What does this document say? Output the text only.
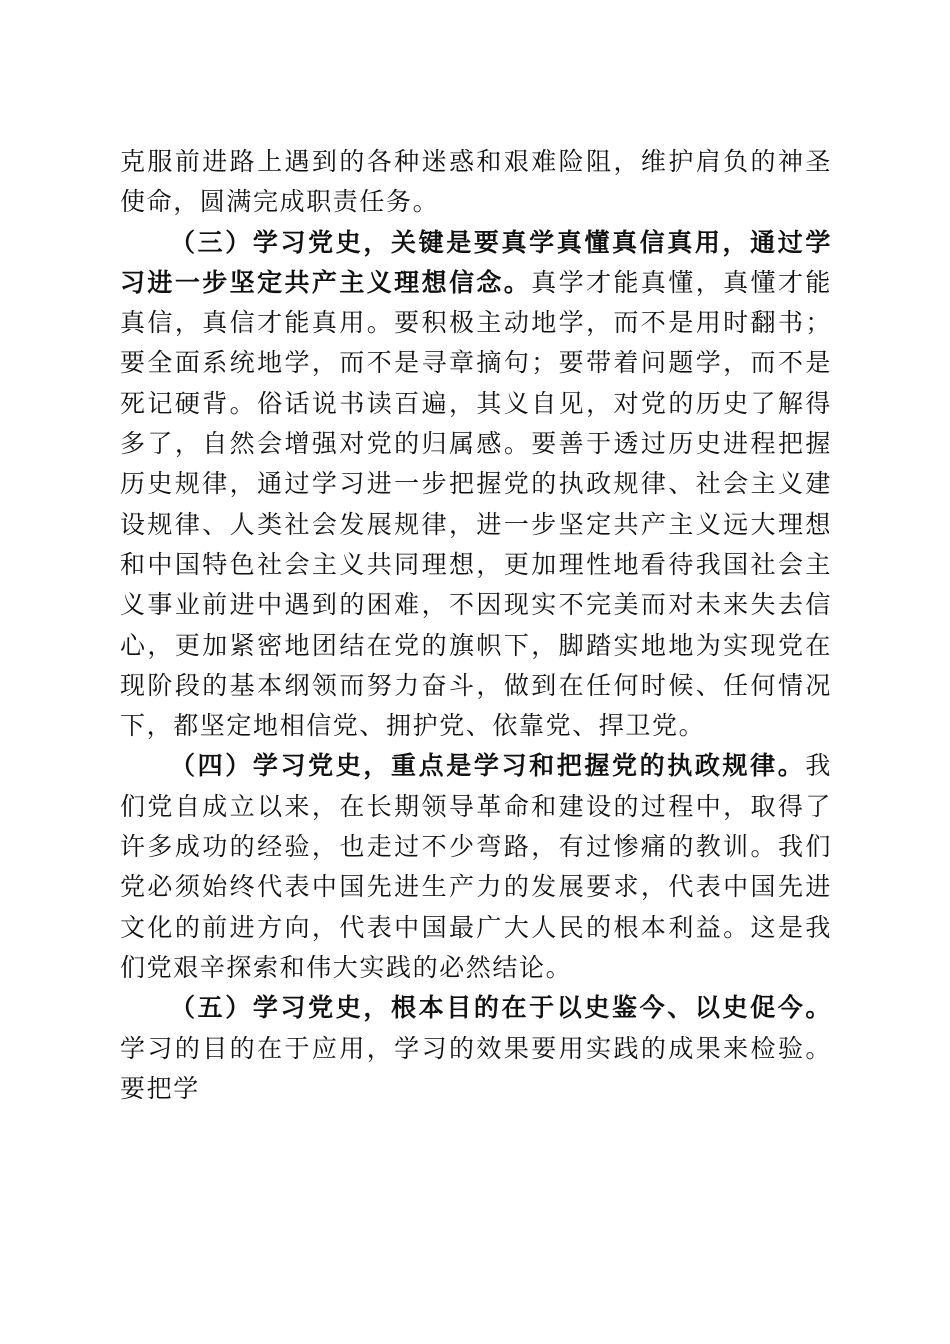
克服前进路上遇到的各种迷惑和艰难险阻，维护肩负的神圣使命，圆满完成职责任务。

（三）学习党史，关键是要真学真懂真信真用，通过学习进一步坚定共产主义理想信念。真学才能真懂，真懂才能真信，真信才能真用。要积极主动地学，而不是用时翻书；要全面系统地学，而不是寻章摘句；要带着问题学，而不是死记硬背。俗话说书读百遍，其义自见，对党的历史了解得多了，自然会增强对党的归属感。要善于透过历史进程把握历史规律，通过学习进一步把握党的执政规律、社会主义建设规律、人类社会发展规律，进一步坚定共产主义远大理想和中国特色社会主义共同理想，更加理性地看待我国社会主义事业前进中遇到的困难，不因现实不完美而对未来失去信心，更加紧密地团结在党的旗帜下，脚踏实地地为实现党在现阶段的基本纲领而努力奋斗，做到在任何时候、任何情况下，都坚定地相信党、拥护党、依靠党、捍卫党。

（四）学习党史，重点是学习和把握党的执政规律。我们党自成立以来，在长期领导革命和建设的过程中，取得了许多成功的经验，也走过不少弯路，有过惨痛的教训。我们党必须始终代表中国先进生产力的发展要求，代表中国先进文化的前进方向，代表中国最广大人民的根本利益。这是我们党艰辛探索和伟大实践的必然结论。

（五）学习党史，根本目的在于以史鉴今、以史促今。学习的目的在于应用，学习的效果要用实践的成果来检验。要把学
